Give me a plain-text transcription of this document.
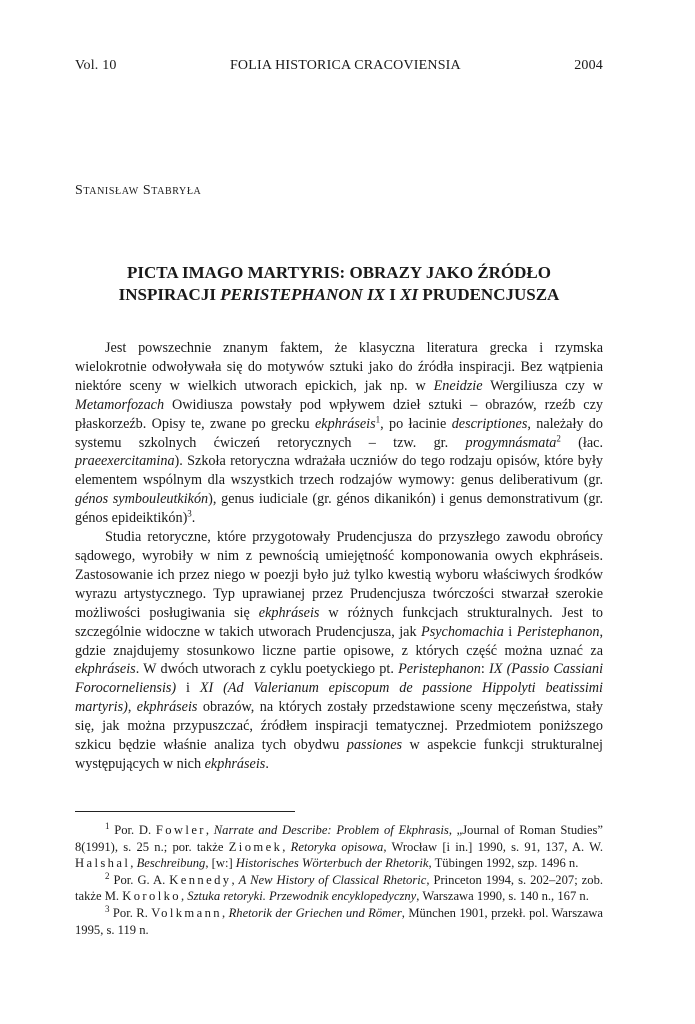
Vol. 10	FOLIA HISTORICA CRACOVIENSIA	2004
Stanisław Stabryła
PICTA IMAGO MARTYRIS: OBRAZY JAKO ŹRÓDŁO
INSPIRACJI PERISTEPHANON IX I XI PRUDENCJUSZA

Jest powszechnie znanym faktem, że klasyczna literatura grecka i rzymska wielokrotnie odwoływała się do motywów sztuki jako do źródła inspiracji. Bez wątpienia niektóre sceny w wielkich utworach epickich, jak np. w Eneidzie Wergiliusza czy w Metamorfozach Owidiusza powstały pod wpływem dzieł sztuki – obrazów, rzeźb czy płaskorzeźb. Opisy te, zwane po grecku ekphráseis$^1$, po łacinie descriptiones, należały do systemu szkolnych ćwiczeń retorycznych – tzw. gr. progymnásmata$^2$ (łac. praeexercitamina). Szkoła retoryczna wdrażała uczniów do tego rodzaju opisów, które były elementem wspólnym dla wszystkich trzech rodzajów wymowy: genus deliberativum (gr. génos symbouleutkikón), genus iudiciale (gr. génos dikanikón) i genus demonstrativum (gr. génos epideiktikón)$^3$.

Studia retoryczne, które przygotowały Prudencjusza do przyszłego zawodu obrońcy sądowego, wyrobiły w nim z pewnością umiejętność komponowania owych ekphráseis. Zastosowanie ich przez niego w poezji było już tylko kwestią wyboru właściwych środków wyrazu artystycznego. Typ uprawianej przez Prudencjusza twórczości stwarzał szerokie możliwości posługiwania się ekphráseis w różnych funkcjach strukturalnych. Jest to szczególnie widoczne w takich utworach Prudencjusza, jak Psychomachia i Peristephanon, gdzie znajdujemy stosunkowo liczne partie opisowe, z których część można uznać za ekphráseis. W dwóch utworach z cyklu poetyckiego pt. Peristephanon: IX (Passio Cassiani Forocorneliensis) i XI (Ad Valerianum episcopum de passione Hippolyti beatissimi martyris), ekphráseis obrazów, na których zostały przedstawione sceny męczeństwa, stały się, jak można przypuszczać, źródłem inspiracji tematycznej. Przedmiotem poniższego szkicu będzie właśnie analiza tych obydwu passiones w aspekcie funkcji strukturalnej występujących w nich ekphráseis.

$^1$ Por. D. Fowler, Narrate and Describe: Problem of Ekphrasis, „Journal of Roman Studies” 8(1991), s. 25 n.; por. także Ziomek, Retoryka opisowa, Wrocław [i in.] 1990, s. 91, 137, A. W. Halshal, Beschreibung, [w:] Historisches Wörterbuch der Rhetorik, Tübingen 1992, szp. 1496 n.

$^2$ Por. G. A. Kennedy, A New History of Classical Rhetoric, Princeton 1994, s. 202–207; zob. także M. Korolko, Sztuka retoryki. Przewodnik encyklopedyczny, Warszawa 1990, s. 140 n., 167 n.

$^3$ Por. R. Volkmann, Rhetorik der Griechen und Römer, München 1901, przekł. pol. Warszawa 1995, s. 119 n.
